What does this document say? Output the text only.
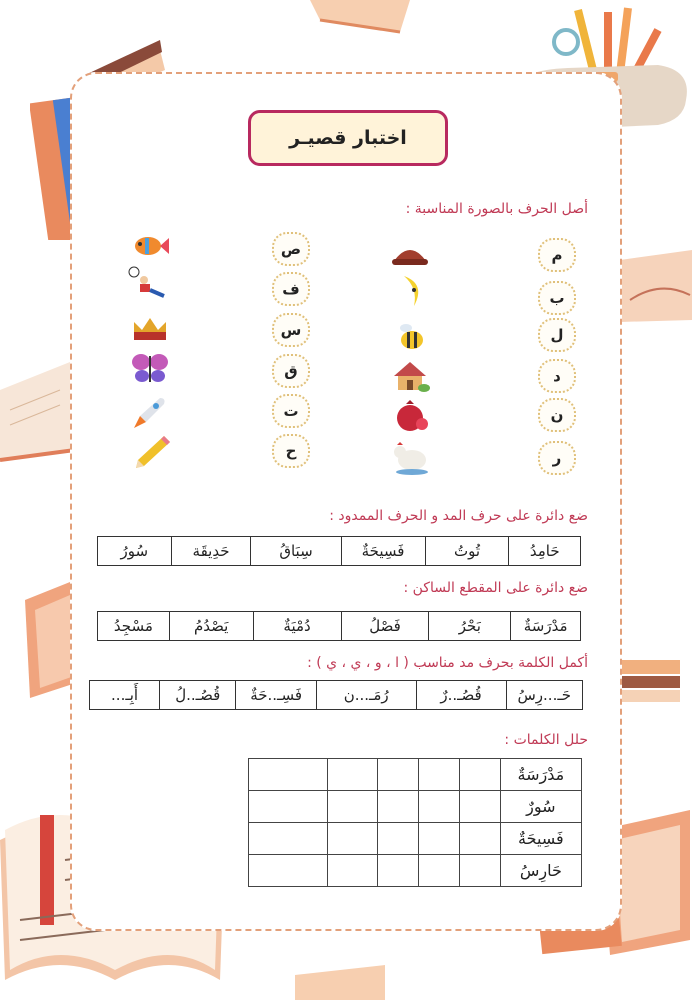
اختبار قصيـر
أصل الحرف بالصورة المناسبة :
م
ب
ل
د
ن
ر
ص
ف
س
ق
ت
ح
ضع دائرة على حرف المد و الحرف الممدود :
حَامِدُ	تُوتُ	فَسِيحَةٌ	سِبَاقُ	حَدِيقَة	سُورُ
ضع دائرة على المقطع الساكن :
مَدْرَسَةٌ	بَحْرُ	فَصْلُ	دُمْيَةٌ	يَصْدُمُ	مَسْجِدُ
أكمل الكلمة بحرف مد مناسب ( ا ، و ، ي ، ي ) :
حَـ...رِسُ	قُصُـ..رٌ	رُمَـ...ن	فَسِـ..حَةٌ	قُصُـ..لُ	أَبِـ...
حلل الكلمات :
مَدْرَسَةٌ					
سُورٌ					
فَسِيحَةٌ					
حَارِسُ					
